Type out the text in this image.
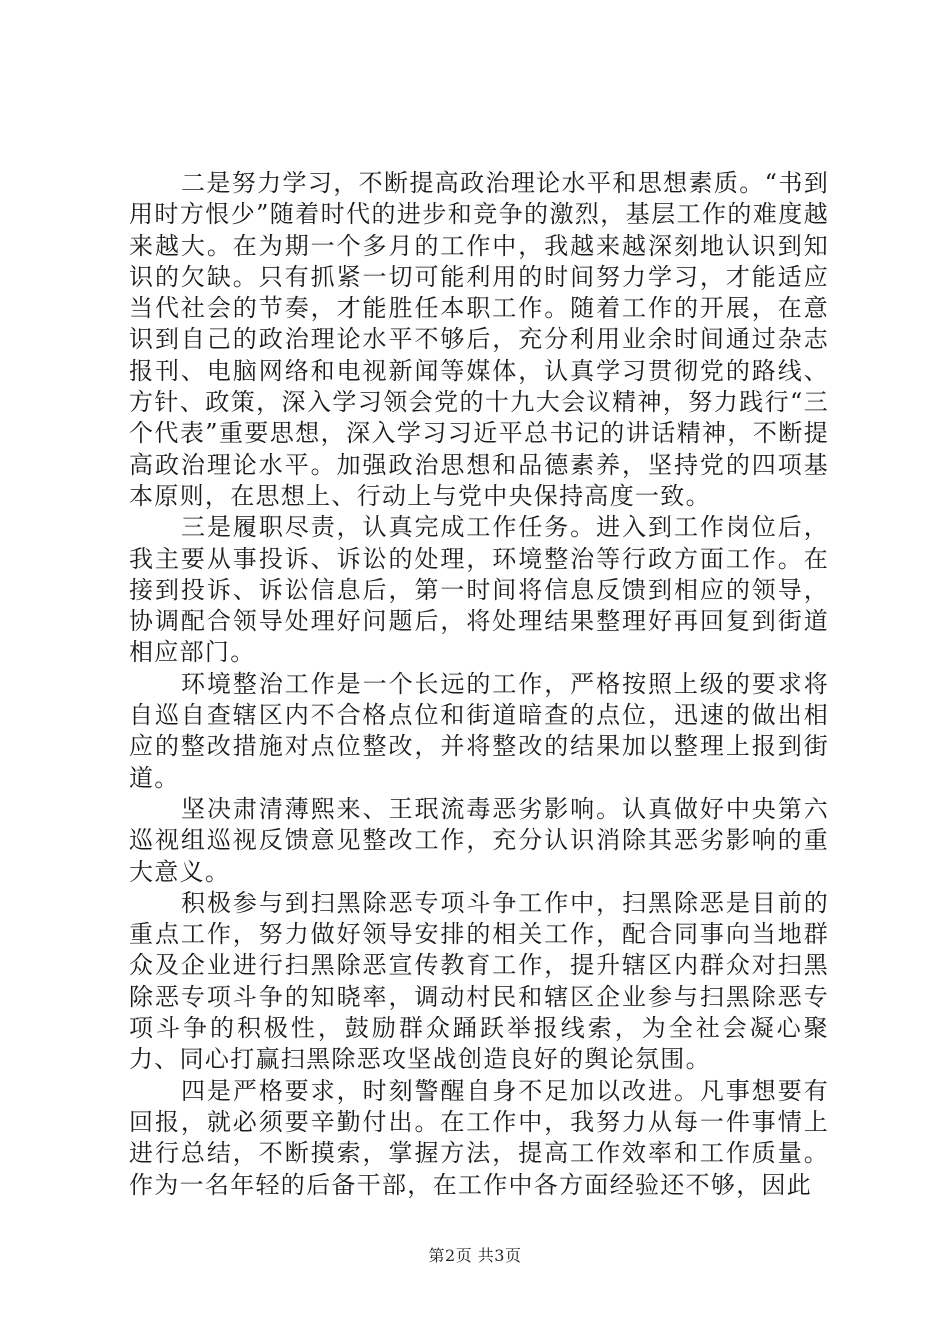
二是努力学习，不断提高政治理论水平和思想素质。“书到用时方恨少”随着时代的进步和竞争的激烈，基层工作的难度越来越大。在为期一个多月的工作中，我越来越深刻地认识到知识的欠缺。只有抓紧一切可能利用的时间努力学习，才能适应当代社会的节奏，才能胜任本职工作。随着工作的开展，在意识到自己的政治理论水平不够后，充分利用业余时间通过杂志报刊、电脑网络和电视新闻等媒体，认真学习贯彻党的路线、方针、政策，深入学习领会党的十九大会议精神，努力践行“三个代表”重要思想，深入学习习近平总书记的讲话精神，不断提高政治理论水平。加强政治思想和品德素养，坚持党的四项基本原则，在思想上、行动上与党中央保持高度一致。

三是履职尽责，认真完成工作任务。进入到工作岗位后，我主要从事投诉、诉讼的处理，环境整治等行政方面工作。在接到投诉、诉讼信息后，第一时间将信息反馈到相应的领导，协调配合领导处理好问题后，将处理结果整理好再回复到街道相应部门。

环境整治工作是一个长远的工作，严格按照上级的要求将自巡自查辖区内不合格点位和街道暗查的点位，迅速的做出相应的整改措施对点位整改，并将整改的结果加以整理上报到街道。

坚决肃清薄熙来、王珉流毒恶劣影响。认真做好中央第六巡视组巡视反馈意见整改工作，充分认识消除其恶劣影响的重大意义。

积极参与到扫黑除恶专项斗争工作中，扫黑除恶是目前的重点工作，努力做好领导安排的相关工作，配合同事向当地群众及企业进行扫黑除恶宣传教育工作，提升辖区内群众对扫黑除恶专项斗争的知晓率，调动村民和辖区企业参与扫黑除恶专项斗争的积极性，鼓励群众踊跃举报线索，为全社会凝心聚力、同心打赢扫黑除恶攻坚战创造良好的舆论氛围。

四是严格要求，时刻警醒自身不足加以改进。凡事想要有回报，就必须要辛勤付出。在工作中，我努力从每一件事情上进行总结，不断摸索，掌握方法，提高工作效率和工作质量。作为一名年轻的后备干部，在工作中各方面经验还不够，因此

第2页 共3页
